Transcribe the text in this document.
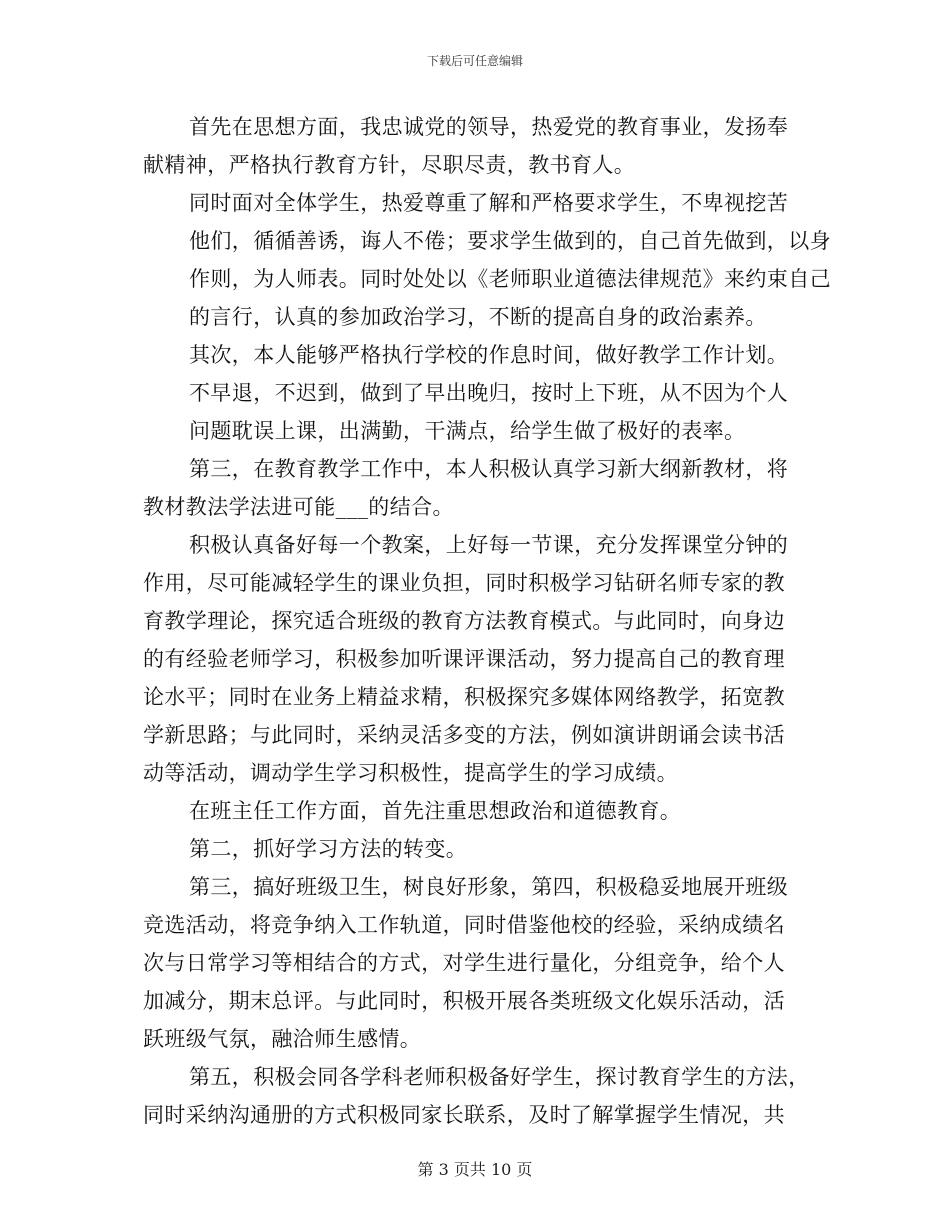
下载后可任意编辑
首先在思想方面，我忠诚党的领导，热爱党的教育事业，发扬奉
献精神，严格执行教育方针，尽职尽责，教书育人。
同时面对全体学生，热爱尊重了解和严格要求学生，不卑视挖苦
他们，循循善诱，诲人不倦；要求学生做到的，自己首先做到，以身
作则，为人师表。同时处处以《老师职业道德法律规范》来约束自己
的言行，认真的参加政治学习，不断的提高自身的政治素养。
其次，本人能够严格执行学校的作息时间，做好教学工作计划。
不早退，不迟到，做到了早出晚归，按时上下班，从不因为个人
问题耽误上课，出满勤，干满点，给学生做了极好的表率。
第三，在教育教学工作中，本人积极认真学习新大纲新教材，将
教材教法学法进可能___的结合。
积极认真备好每一个教案，上好每一节课，充分发挥课堂分钟的
作用，尽可能减轻学生的课业负担，同时积极学习钻研名师专家的教
育教学理论，探究适合班级的教育方法教育模式。与此同时，向身边
的有经验老师学习，积极参加听课评课活动，努力提高自己的教育理
论水平；同时在业务上精益求精，积极探究多媒体网络教学，拓宽教
学新思路；与此同时，采纳灵活多变的方法，例如演讲朗诵会读书活
动等活动，调动学生学习积极性，提高学生的学习成绩。
在班主任工作方面，首先注重思想政治和道德教育。
第二，抓好学习方法的转变。
第三，搞好班级卫生，树良好形象，第四，积极稳妥地展开班级
竞选活动，将竞争纳入工作轨道，同时借鉴他校的经验，采纳成绩名
次与日常学习等相结合的方式，对学生进行量化，分组竞争，给个人
加减分，期末总评。与此同时，积极开展各类班级文化娱乐活动，活
跃班级气氛，融洽师生感情。
第五，积极会同各学科老师积极备好学生，探讨教育学生的方法，
同时采纳沟通册的方式积极同家长联系，及时了解掌握学生情况，共
第 3 页共 10 页
